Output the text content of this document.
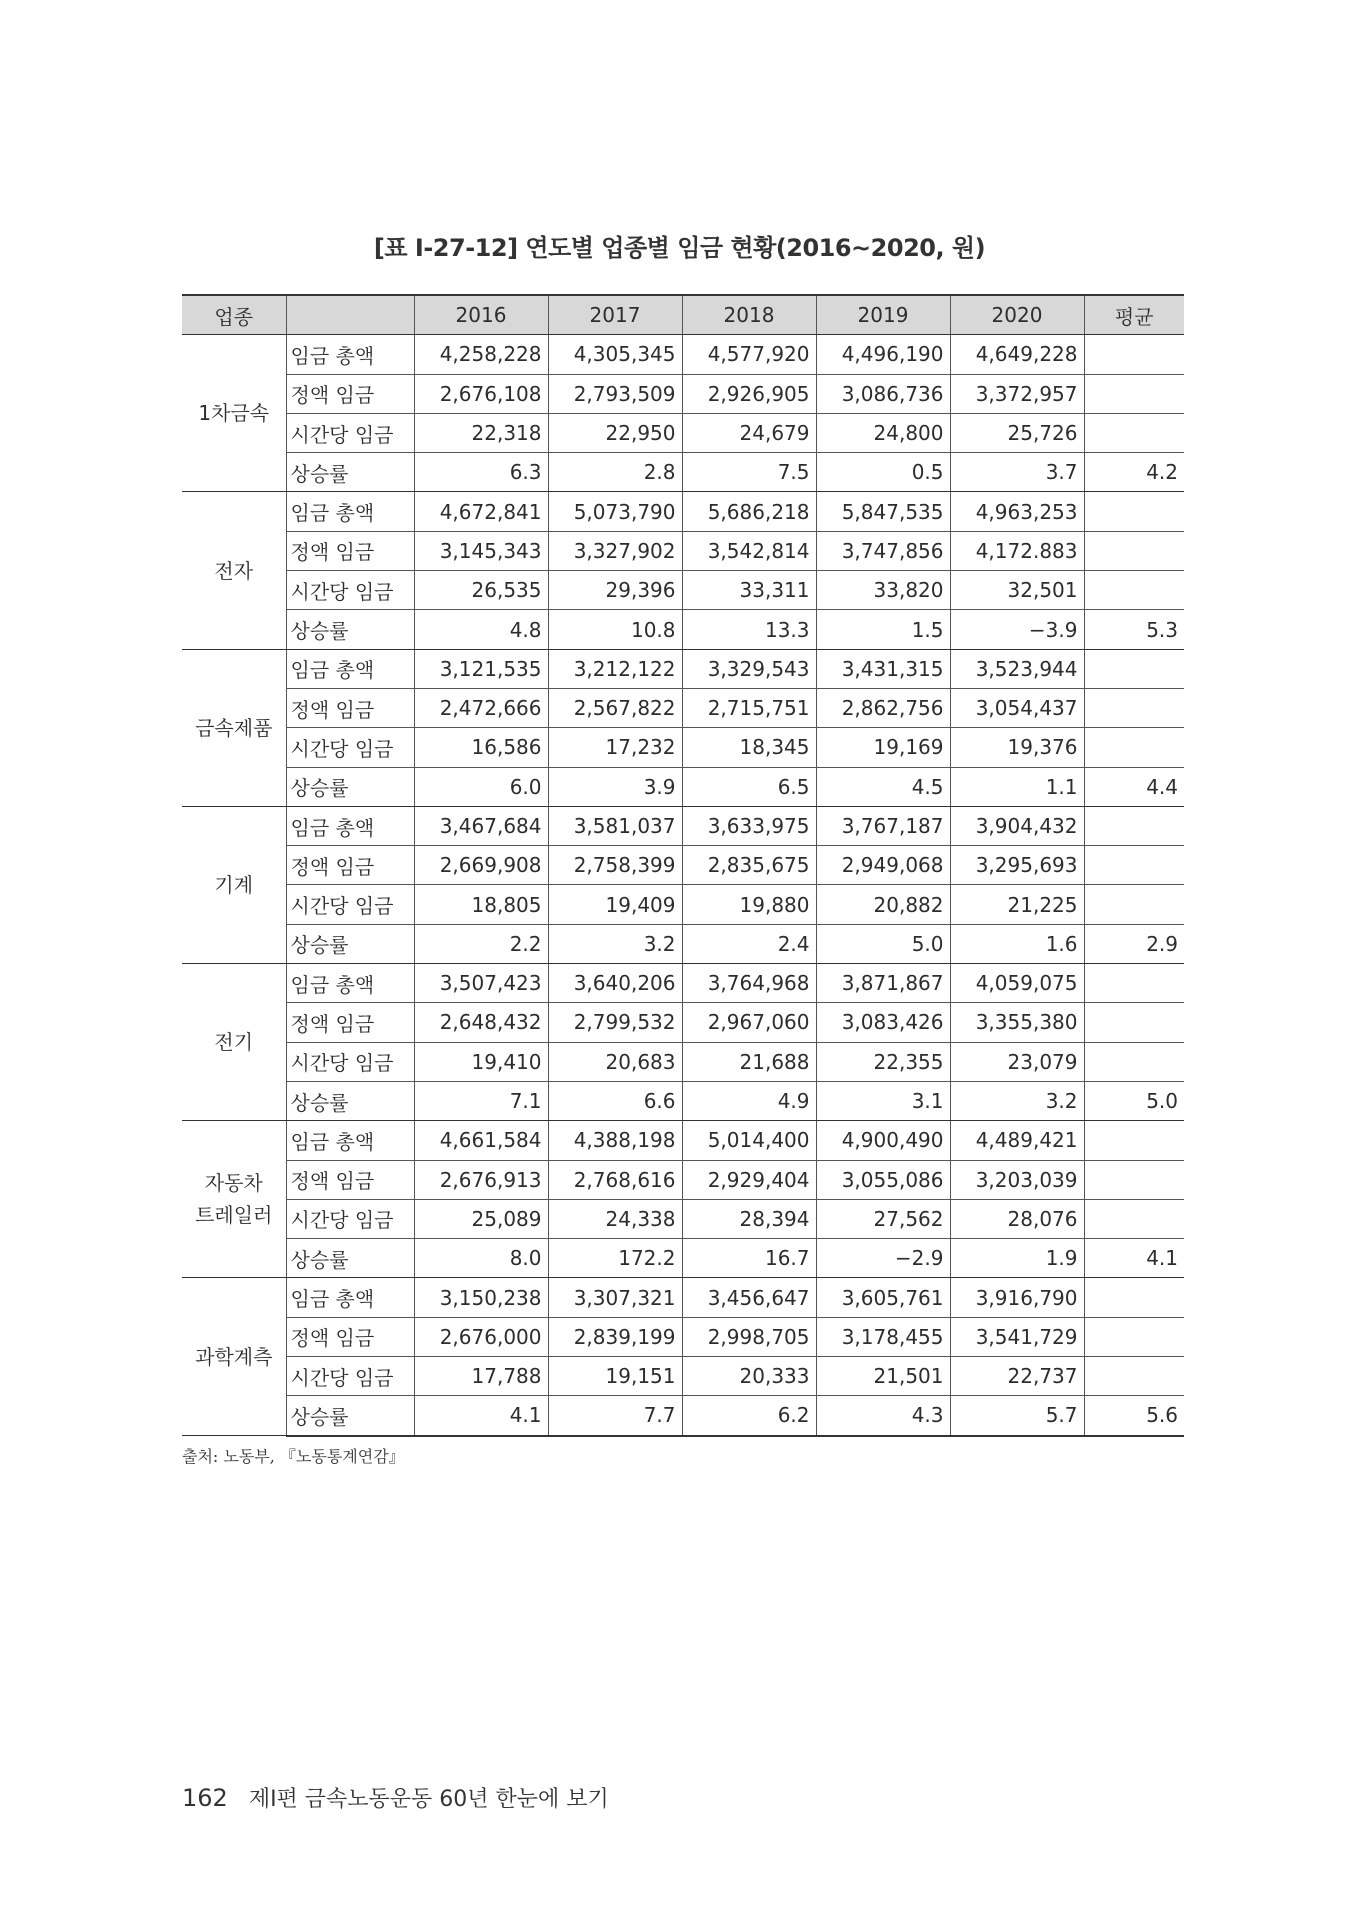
[표 Ⅰ-27-12] 연도별 업종별 임금 현황(2016~2020, 원)
업종		2016	2017	2018	2019	2020	평균

1차금속	임금 총액	4,258,228	4,305,345	4,577,920	4,496,190	4,649,228	
	정액 임금	2,676,108	2,793,509	2,926,905	3,086,736	3,372,957	
	시간당 임금	22,318	22,950	24,679	24,800	25,726	
	상승률	6.3	2.8	7.5	0.5	3.7	4.2

전자	임금 총액	4,672,841	5,073,790	5,686,218	5,847,535	4,963,253	
	정액 임금	3,145,343	3,327,902	3,542,814	3,747,856	4,172.883	
	시간당 임금	26,535	29,396	33,311	33,820	32,501	
	상승률	4.8	10.8	13.3	1.5	−3.9	5.3

금속제품	임금 총액	3,121,535	3,212,122	3,329,543	3,431,315	3,523,944	
	정액 임금	2,472,666	2,567,822	2,715,751	2,862,756	3,054,437	
	시간당 임금	16,586	17,232	18,345	19,169	19,376	
	상승률	6.0	3.9	6.5	4.5	1.1	4.4

기계	임금 총액	3,467,684	3,581,037	3,633,975	3,767,187	3,904,432	
	정액 임금	2,669,908	2,758,399	2,835,675	2,949,068	3,295,693	
	시간당 임금	18,805	19,409	19,880	20,882	21,225	
	상승률	2.2	3.2	2.4	5.0	1.6	2.9

전기	임금 총액	3,507,423	3,640,206	3,764,968	3,871,867	4,059,075	
	정액 임금	2,648,432	2,799,532	2,967,060	3,083,426	3,355,380	
	시간당 임금	19,410	20,683	21,688	22,355	23,079	
	상승률	7.1	6.6	4.9	3.1	3.2	5.0

자동차
트레일러	임금 총액	4,661,584	4,388,198	5,014,400	4,900,490	4,489,421	
	정액 임금	2,676,913	2,768,616	2,929,404	3,055,086	3,203,039	
	시간당 임금	25,089	24,338	28,394	27,562	28,076	
	상승률	8.0	172.2	16.7	−2.9	1.9	4.1

과학계측	임금 총액	3,150,238	3,307,321	3,456,647	3,605,761	3,916,790	
	정액 임금	2,676,000	2,839,199	2,998,705	3,178,455	3,541,729	
	시간당 임금	17,788	19,151	20,333	21,501	22,737	
	상승률	4.1	7.7	6.2	4.3	5.7	5.6
출처: 노동부, 『노동통계연감』
162 제Ⅰ편 금속노동운동 60년 한눈에 보기
